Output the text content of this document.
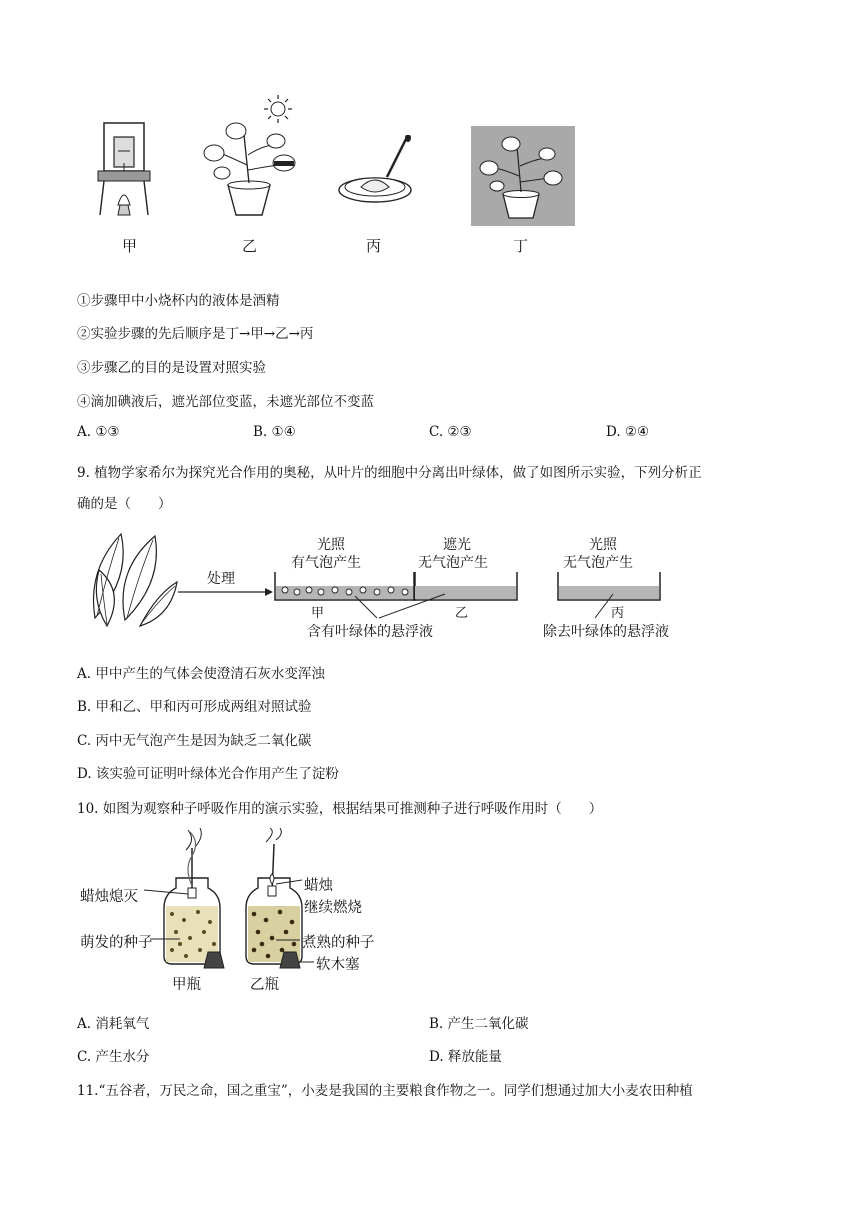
甲	乙	丙	丁
①步骤甲中小烧杯内的液体是酒精
②实验步骤的先后顺序是丁→甲→乙→丙
③步骤乙的目的是设置对照实验
④滴加碘液后，遮光部位变蓝，未遮光部位不变蓝
A. ①③	B. ①④	C. ②③	D. ②④
9. 植物学家希尔为探究光合作用的奥秘，从叶片的细胞中分离出叶绿体，做了如图所示实验，下列分析正
确的是（　　）
处理
光照
有气泡产生
甲
遮光
无气泡产生
乙
光照
无气泡产生
丙
含有叶绿体的悬浮液	除去叶绿体的悬浮液
A. 甲中产生的气体会使澄清石灰水变浑浊
B. 甲和乙、甲和丙可形成两组对照试验
C. 丙中无气泡产生是因为缺乏二氧化碳
D. 该实验可证明叶绿体光合作用产生了淀粉
10. 如图为观察种子呼吸作用的演示实验，根据结果可推测种子进行呼吸作用时（　　）
蜡烛熄灭
萌发的种子
甲瓶
蜡烛
继续燃烧
煮熟的种子
软木塞
乙瓶
A. 消耗氧气	B. 产生二氧化碳
C. 产生水分	D. 释放能量
11.“五谷者，万民之命，国之重宝”，小麦是我国的主要粮食作物之一。同学们想通过加大小麦农田种植
